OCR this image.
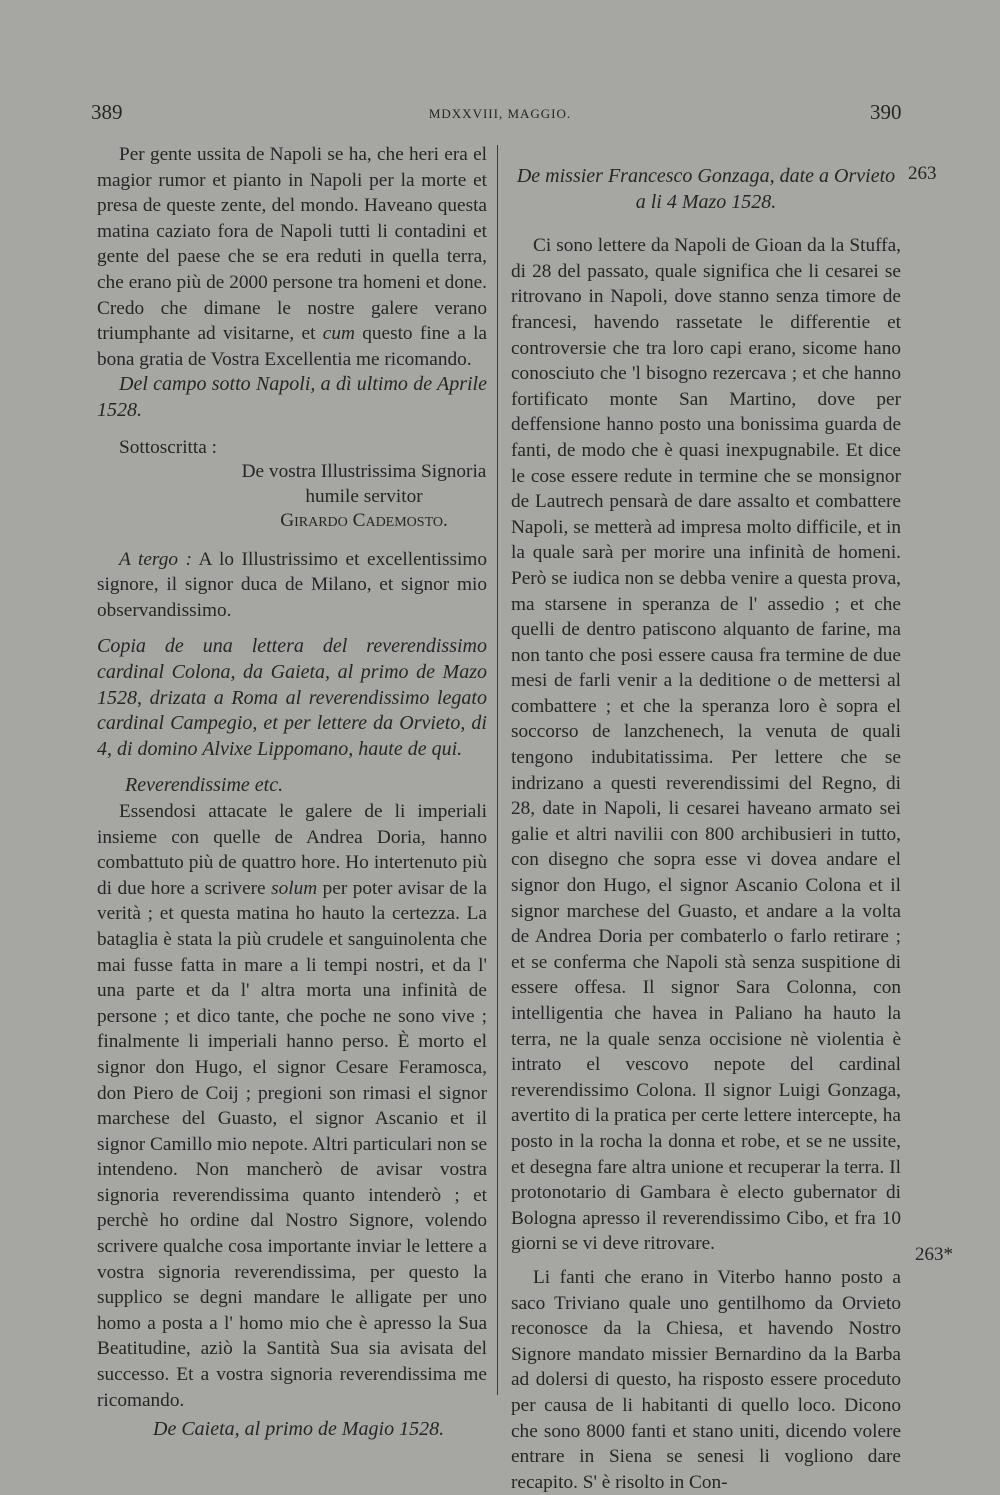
389	MDXXVIII, MAGGIO.	390

Per gente ussita de Napoli se ha, che heri era el magior rumor et pianto in Napoli per la morte et presa de queste zente, del mondo. Haveano questa matina caziato fora de Napoli tutti li contadini et gente del paese che se era reduti in quella terra, che erano più de 2000 persone tra homeni et done. Credo che dimane le nostre galere verano triumphante ad visitarne, et cum questo fine a la bona gratia de Vostra Excellentia me ricomando.

Del campo sotto Napoli, a dì ultimo de Aprile 1528.

Sottoscritta :

De vostra Illustrissima Signoria
humile servitor
Girardo Cademosto.

A tergo : A lo Illustrissimo et excellentissimo signore, il signor duca de Milano, et signor mio observandissimo.

Copia de una lettera del reverendissimo cardinal Colona, da Gaieta, al primo de Mazo 1528, drizata a Roma al reverendissimo legato cardinal Campegio, et per lettere da Orvieto, di 4, di domino Alvixe Lippomano, haute de qui.

Reverendissime etc.

Essendosi attacate le galere de li imperiali insieme con quelle de Andrea Doria, hanno combattuto più de quattro hore. Ho intertenuto più di due hore a scrivere solum per poter avisar de la verità ; et questa matina ho hauto la certezza. La bataglia è stata la più crudele et sanguinolenta che mai fusse fatta in mare a li tempi nostri, et da l' una parte et da l' altra morta una infinità de persone ; et dico tante, che poche ne sono vive ; finalmente li imperiali hanno perso. È morto el signor don Hugo, el signor Cesare Feramosca, don Piero de Coij ; pregioni son rimasi el signor marchese del Guasto, el signor Ascanio et il signor Camillo mio nepote. Altri particulari non se intendeno. Non mancherò de avisar vostra signoria reverendissima quanto intenderò ; et perchè ho ordine dal Nostro Signore, volendo scrivere qualche cosa importante inviar le lettere a vostra signoria reverendissima, per questo la supplico se degni mandare le alligate per uno homo a posta a l' homo mio che è apresso la Sua Beatitudine, aziò la Santità Sua sia avisata del successo. Et a vostra signoria reverendissima me ricomando.

De Caieta, al primo de Magio 1528.

De missier Francesco Gonzaga, date a Orvieto a li 4 Mazo 1528.

Ci sono lettere da Napoli de Gioan da la Stuffa, di 28 del passato, quale significa che li cesarei se ritrovano in Napoli, dove stanno senza timore de francesi, havendo rassetate le differentie et controversie che tra loro capi erano, sicome hano conosciuto che 'l bisogno rezercava ; et che hanno fortificato monte San Martino, dove per deffensione hanno posto una bonissima guarda de fanti, de modo che è quasi inexpugnabile. Et dice le cose essere redute in termine che se monsignor de Lautrech pensarà de dare assalto et combattere Napoli, se metterà ad impresa molto difficile, et in la quale sarà per morire una infinità de homeni. Però se iudica non se debba venire a questa prova, ma starsene in speranza de l' assedio ; et che quelli de dentro patiscono alquanto de farine, ma non tanto che posi essere causa fra termine de due mesi de farli venir a la deditione o de mettersi al combattere ; et che la speranza loro è sopra el soccorso de lanzchenech, la venuta de quali tengono indubitatissima. Per lettere che se indrizano a questi reverendissimi del Regno, di 28, date in Napoli, li cesarei haveano armato sei galie et altri navilii con 800 archibusieri in tutto, con disegno che sopra esse vi dovea andare el signor don Hugo, el signor Ascanio Colona et il signor marchese del Guasto, et andare a la volta de Andrea Doria per combaterlo o farlo retirare ; et se conferma che Napoli stà senza suspitione di essere offesa. Il signor Sara Colonna, con intelligentia che havea in Paliano ha hauto la terra, ne la quale senza occisione nè violentia è intrato el vescovo nepote del cardinal reverendissimo Colona. Il signor Luigi Gonzaga, avertito di la pratica per certe lettere intercepte, ha posto in la rocha la donna et robe, et se ne ussite, et desegna fare altra unione et recuperar la terra. Il protonotario di Gambara è electo gubernator di Bologna apresso il reverendissimo Cibo, et fra 10 giorni se vi deve ritrovare.

Li fanti che erano in Viterbo hanno posto a saco Triviano quale uno gentilhomo da Orvieto reconosce da la Chiesa, et havendo Nostro Signore mandato missier Bernardino da la Barba ad dolersi di questo, ha risposto essere proceduto per causa de li habitanti di quello loco. Dicono che sono 8000 fanti et stano uniti, dicendo volere entrare in Siena se senesi li vogliono dare recapito. S' è risolto in Con-

263
263*
